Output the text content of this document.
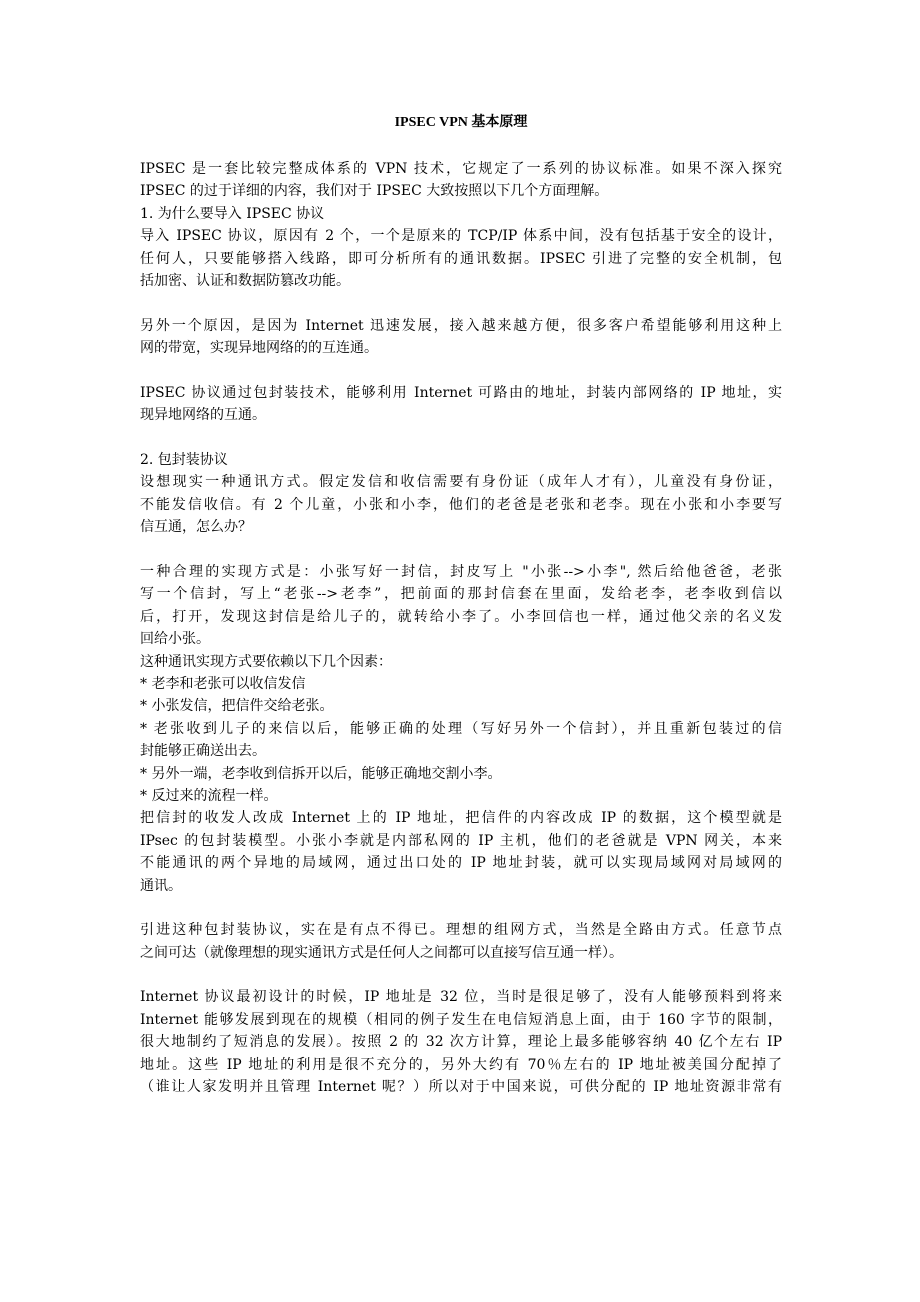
IPSEC VPN 基本原理
IPSEC 是一套比较完整成体系的 VPN 技术，它规定了一系列的协议标准。如果不深入探究
IPSEC 的过于详细的内容，我们对于 IPSEC 大致按照以下几个方面理解。
1. 为什么要导入 IPSEC 协议
导入 IPSEC 协议，原因有 2 个，一个是原来的 TCP/IP 体系中间，没有包括基于安全的设计，
任何人，只要能够搭入线路，即可分析所有的通讯数据。IPSEC 引进了完整的安全机制，包
括加密、认证和数据防篡改功能。
另外一个原因，是因为 Internet 迅速发展，接入越来越方便，很多客户希望能够利用这种上
网的带宽，实现异地网络的的互连通。
IPSEC 协议通过包封装技术，能够利用 Internet 可路由的地址，封装内部网络的 IP 地址，实
现异地网络的互通。
2. 包封装协议
设想现实一种通讯方式。假定发信和收信需要有身份证（成年人才有），儿童没有身份证，
不能发信收信。有 2 个儿童，小张和小李，他们的老爸是老张和老李。现在小张和小李要写
信互通，怎么办？
一种合理的实现方式是：小张写好一封信，封皮写上 "小张-->小李", 然后给他爸爸，老张
写一个信封，写上“老张-->老李”，把前面的那封信套在里面，发给老李，老李收到信以
后，打开，发现这封信是给儿子的，就转给小李了。小李回信也一样，通过他父亲的名义发
回给小张。
这种通讯实现方式要依赖以下几个因素：
* 老李和老张可以收信发信
* 小张发信，把信件交给老张。
* 老张收到儿子的来信以后，能够正确的处理（写好另外一个信封），并且重新包装过的信
封能够正确送出去。
* 另外一端，老李收到信拆开以后，能够正确地交割小李。
* 反过来的流程一样。
把信封的收发人改成 Internet 上的 IP 地址，把信件的内容改成 IP 的数据，这个模型就是
IPsec 的包封装模型。小张小李就是内部私网的 IP 主机，他们的老爸就是 VPN 网关，本来
不能通讯的两个异地的局域网，通过出口处的 IP 地址封装，就可以实现局域网对局域网的
通讯。
引进这种包封装协议，实在是有点不得已。理想的组网方式，当然是全路由方式。任意节点
之间可达（就像理想的现实通讯方式是任何人之间都可以直接写信互通一样）。
Internet 协议最初设计的时候，IP 地址是 32 位，当时是很足够了，没有人能够预料到将来
Internet 能够发展到现在的规模（相同的例子发生在电信短消息上面，由于 160 字节的限制，
很大地制约了短消息的发展）。按照 2 的 32 次方计算，理论上最多能够容纳 40 亿个左右 IP
地址。这些 IP 地址的利用是很不充分的，另外大约有 70％左右的 IP 地址被美国分配掉了
（谁让人家发明并且管理 Internet 呢？）所以对于中国来说，可供分配的 IP 地址资源非常有
